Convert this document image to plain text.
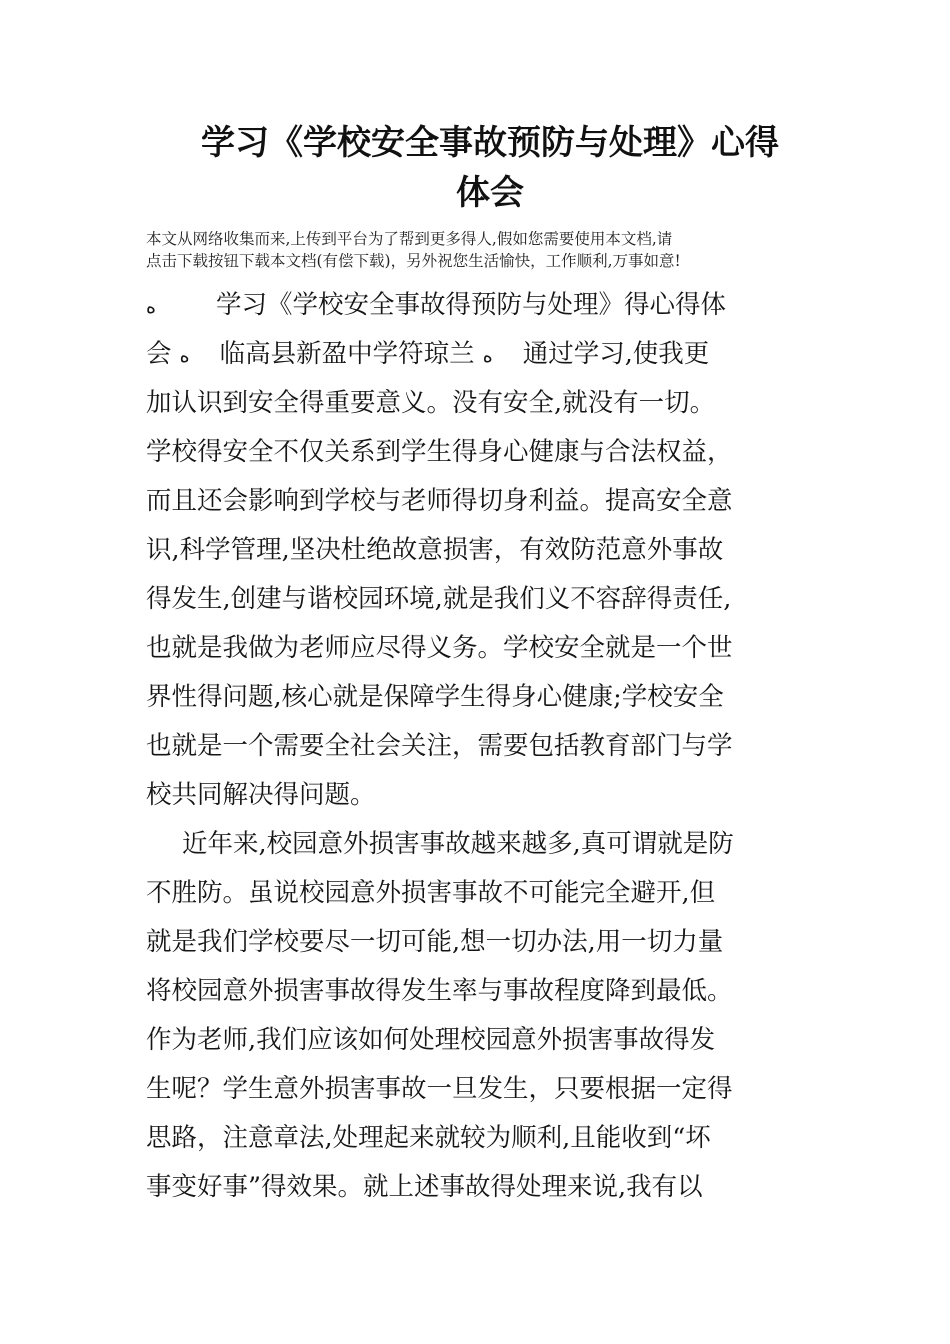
学习《学校安全事故预防与处理》心得
体会
本文从网络收集而来,上传到平台为了帮到更多得人,假如您需要使用本文档,请
点击下载按钮下载本文档(有偿下载)，另外祝您生活愉快，工作顺利,万事如意!
ﻩ 学习《学校安全事故得预防与处理》得心得体
会 ﻩ 临高县新盈中学符琼兰 ﻩ 通过学习,使我更
加认识到安全得重要意义。没有安全,就没有一切。
学校得安全不仅关系到学生得身心健康与合法权益，
而且还会影响到学校与老师得切身利益。提高安全意
识,科学管理,坚决杜绝故意损害，有效防范意外事故
得发生,创建与谐校园环境,就是我们义不容辞得责任,
也就是我做为老师应尽得义务。学校安全就是一个世
界性得问题,核心就是保障学生得身心健康;学校安全
也就是一个需要全社会关注，需要包括教育部门与学
校共同解决得问题。
近年来,校园意外损害事故越来越多,真可谓就是防
不胜防。虽说校园意外损害事故不可能完全避开,但
就是我们学校要尽一切可能,想一切办法,用一切力量
将校园意外损害事故得发生率与事故程度降到最低。
作为老师,我们应该如何处理校园意外损害事故得发
生呢？学生意外损害事故一旦发生，只要根据一定得
思路，注意章法,处理起来就较为顺利,且能收到“坏
事变好事”得效果。就上述事故得处理来说,我有以
